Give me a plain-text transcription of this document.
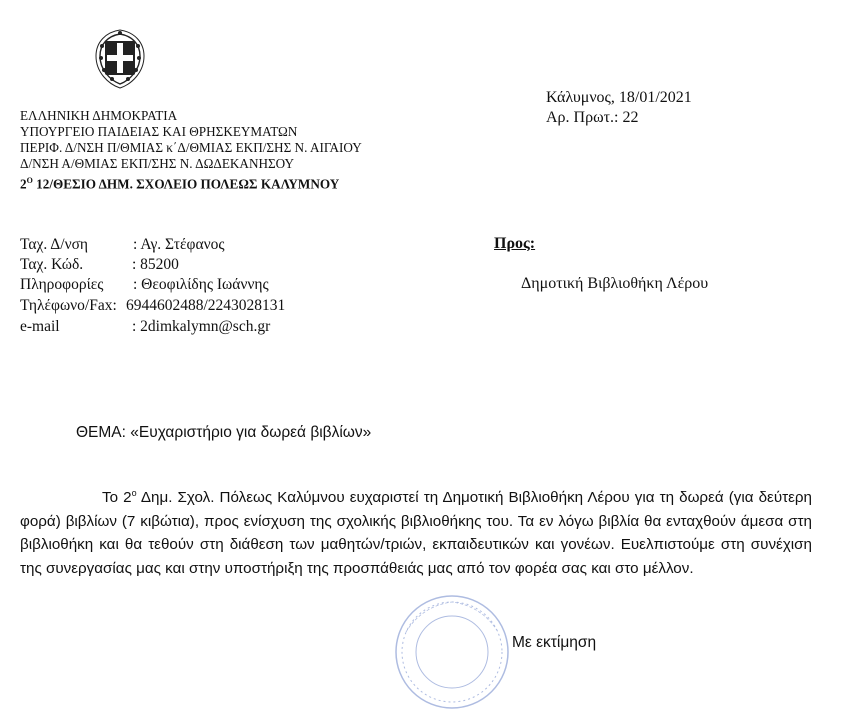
ΕΛΛΗΝΙΚΗ ΔΗΜΟΚΡΑΤΙΑ
ΥΠΟΥΡΓΕΙΟ ΠΑΙΔΕΙΑΣ ΚΑΙ ΘΡΗΣΚΕΥΜΑΤΩΝ
ΠΕΡΙΦ. Δ/ΝΣΗ Π/ΘΜΙΑΣ κ΄Δ/ΘΜΙΑΣ ΕΚΠ/ΣΗΣ Ν. ΑΙΓΑΙΟΥ
Δ/ΝΣΗ Α/ΘΜΙΑΣ ΕΚΠ/ΣΗΣ Ν. ΔΩΔΕΚΑΝΗΣΟΥ
$2^O$ 12/ΘΕΣΙΟ ΔΗΜ. ΣΧΟΛΕΙΟ ΠΟΛΕΩΣ ΚΑΛΥΜΝΟΥ
Κάλυμνος, 18/01/2021
Αρ. Πρωτ.: 22
Ταχ. Δ/νση	: Αγ. Στέφανος
Ταχ. Κώδ.	: 85200
Πληροφορίες : Θεοφιλίδης Ιωάννης
Τηλέφωνο/Fax: 6944602488/2243028131
e-mail	: 2dimkalymn@sch.gr
Προς:
Δημοτική Βιβλιοθήκη Λέρου
ΘΕΜΑ: «Ευχαριστήριο για δωρεά βιβλίων»

Το $2^o$ Δημ. Σχολ. Πόλεως Καλύμνου ευχαριστεί τη Δημοτική Βιβλιοθήκη Λέρου για τη δωρεά (για δεύτερη φορά) βιβλίων (7 κιβώτια), προς ενίσχυση της σχολικής βιβλιοθήκης του. Τα εν λόγω βιβλία θα ενταχθούν άμεσα στη βιβλιοθήκη και θα τεθούν στη διάθεση των μαθητών/τριών, εκπαιδευτικών και γονέων. Ευελπιστούμε στη συνέχιση της συνεργασίας μας και στην υποστήριξη της προσπάθειάς μας από τον φορέα σας και στο μέλλον.

Με εκτίμηση
